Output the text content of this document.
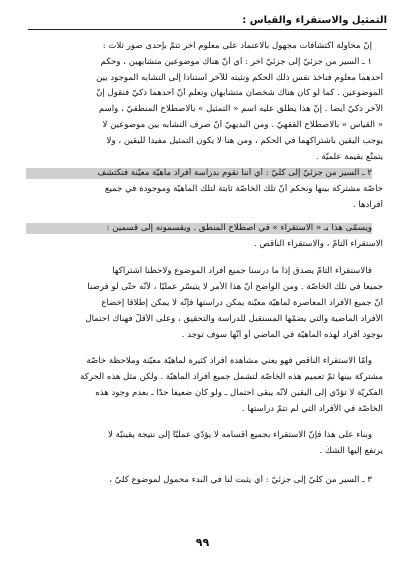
التمثيل والاستقراء والقياس :
إنّ محاولة اكتشافات مجهول بالاعتماد على معلوم آخر تتمّ بإحدى صور ثلاث :
١ ـ السير من جزئيّ إلى جزئيّ آخر : أي أنّ هناك موضوعين متشابهين ، وحكم
أحدهما معلوم فنأخذ نفس ذلك الحكم ونثبته للآخر استناداً إلى التشابه الموجود بين
الموضوعين . كما لو كان هناك شخصان متشابهان ونعلم أنّ أحدهما ذكيّ فنقول إنّ
الآخر ذكيّ أيضاً . إنّ هذا يطلق عليه اسم « التمثيل » بالاصطلاح المنطقيّ ، واسم
« القياس » بالاصطلاح الفقهيّ . ومن البديهيّ أنّ صرف التشابه بين موضوعين لا
يوجب اليقين باشتراكهما في الحكم ، ومن هنا لا يكون التمثيل مفيداً لليقين ، ولا
يتمتّع بقيمة علميّة .
٢ ـ السير من جزئيّ إلى كلّيّ : أي أننا نقوم بدراسة أفراد ماهيّة معيّنة فنكتشف
خاصّة مشتركة بينها ونحكم أنّ تلك الخاصّة ثابتة لتلك الماهيّة وموجودة في جميع
أفرادها .
ويسمّى هذا بـ « الاستقراء » في اصطلاح المنطق . ويقسمونه إلى قسمين :
الاستقراء التامّ ، والاستقراء الناقص .
فالاستقراء التامّ يصدق إذا ما درسنا جميع أفراد الموضوع ولاحظنا اشتراكها
جميعاً في تلك الخاصّة . ومن الواضح أنّ هذا الأمر لا يتيسّر عمليّاً ، لأنّه حتّى لو فرضنا
أنّ جميع الأفراد المعاصرة لماهيّة معيّنة يمكن دراستها فإنّه لا يمكن إطلاقاً إخضاع
الأفراد الماضية والتي يضمّها المستقبل للدراسة والتحقيق ، وعلى الأقلّ فهناك احتمال
بوجود أفراد لهذه الماهيّة في الماضي أو أنّها سوف توجد .
وأمّا الاستقراء الناقص فهو يعني مشاهدة أفراد كثيرة لماهيّة معيّنة وملاحظة خاصّة
مشتركة بينها ثمّ تعميم هذه الخاصّة لتشمل جميع أفراد الماهيّة . ولكن مثل هذه الحركة
الفكريّة لا تؤدّي إلى اليقين لأنّه يبقى احتمال ـ ولو كان ضعيفاً جدّاً ـ بعدم وجود هذه
الخاصّة في الأفراد التي لم تتمّ دراستها .
وبناء على هذا فإنّ الاستقراء بجميع أقسامه لا يؤدّي عمليّاً إلى نتيجة يقينيّة لا
يرتفع إليها الشكّ .
٣ ـ السير من كلّيّ إلى جزئيّ : أي يثبت لنا في البدء محمول لموضوع كلّيّ ،
٩٩
